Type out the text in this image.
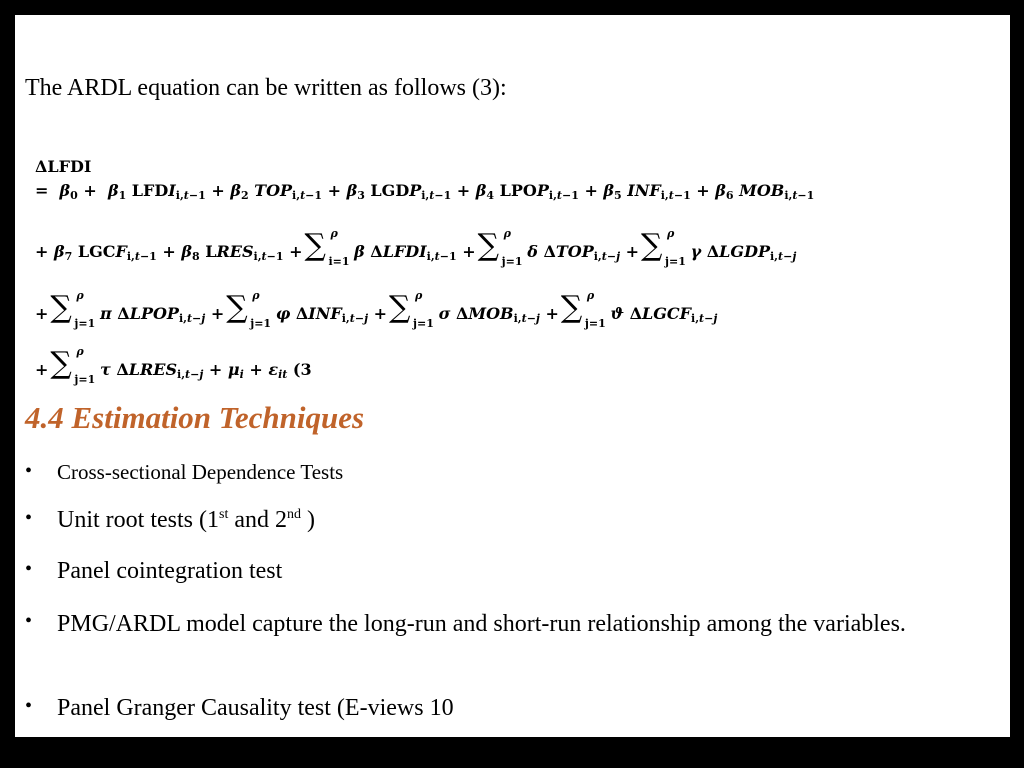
The ARDL equation can be written as follows (3):
ΔLFDI
=  $\beta_0 + \beta_1$ $LFDI_{i,t-1} + \beta_2$ $TOP_{i,t-1} + \beta_3$ $LGDP_{i,t-1} + \beta_4$ $LPOP_{i,t-1} + \beta_5$ $INF_{i,t-1} + \beta_6$ $MOB_{i,t-1}$
+ $\beta_7$ $LGCF_{i,t-1} + \beta_8$ $LRES_{i,t-1}$ + ∑ ρ
i=1
β $\Delta LFDI_{i,t-1}$ + ∑ ρ
j=1
δ $\Delta TOP_{i,t-j}$ + ∑ ρ
j=1
γ $\Delta LGDP_{i,t-j}$
+ ∑ ρ
j=1
π $\Delta LPOP_{i,t-j}$ + ∑ ρ
j=1
φ $\Delta INF_{i,t-j}$ + ∑ ρ
j=1
σ $\Delta MOB_{i,t-j}$ + ∑ ρ
j=1
ϑ $\Delta LGCF_{i,t-j}$
+ ∑ ρ
j=1
τ $\Delta LRES_{i,t-j} + \mu_i + \varepsilon_{it}$ (3
4.4 Estimation Techniques
• Cross-sectional Dependence Tests
• Unit root tests (1st and 2nd )
• Panel cointegration test
• PMG/ARDL model capture the long-run and short-run relationship among the variables.
• Panel Granger Causality test (E-views 10
